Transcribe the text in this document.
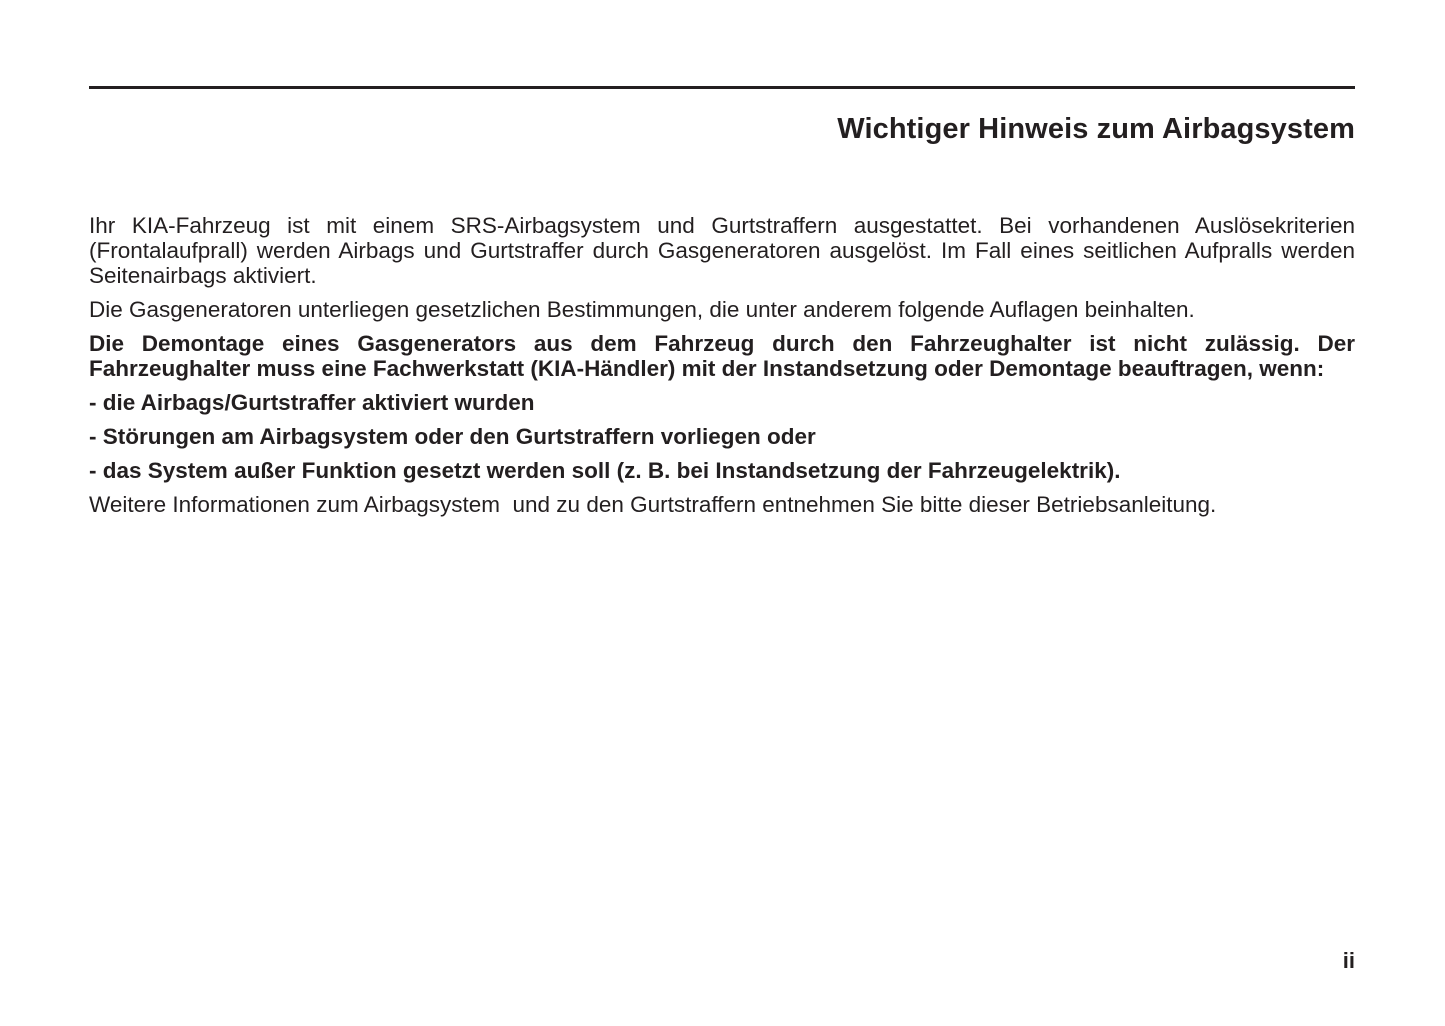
Wichtiger Hinweis zum Airbagsystem

Ihr KIA-Fahrzeug ist mit einem SRS-Airbagsystem und Gurtstraffern ausgestattet. Bei vorhandenen Auslösekriterien (Frontalaufprall) werden Airbags und Gurtstraffer durch Gasgeneratoren ausgelöst. Im Fall eines seitlichen Aufpralls werden Seitenairbags aktiviert.

Die Gasgeneratoren unterliegen gesetzlichen Bestimmungen, die unter anderem folgende Auflagen beinhalten.

Die Demontage eines Gasgenerators aus dem Fahrzeug durch den Fahrzeughalter ist nicht zulässig. Der Fahrzeughalter muss eine Fachwerkstatt (KIA-Händler) mit der Instandsetzung oder Demontage beauftragen, wenn:

- die Airbags/Gurtstraffer aktiviert wurden

- Störungen am Airbagsystem oder den Gurtstraffern vorliegen oder

- das System außer Funktion gesetzt werden soll (z. B. bei Instandsetzung der Fahrzeugelektrik).

Weitere Informationen zum Airbagsystem  und zu den Gurtstraffern entnehmen Sie bitte dieser Betriebsanleitung.

ii
